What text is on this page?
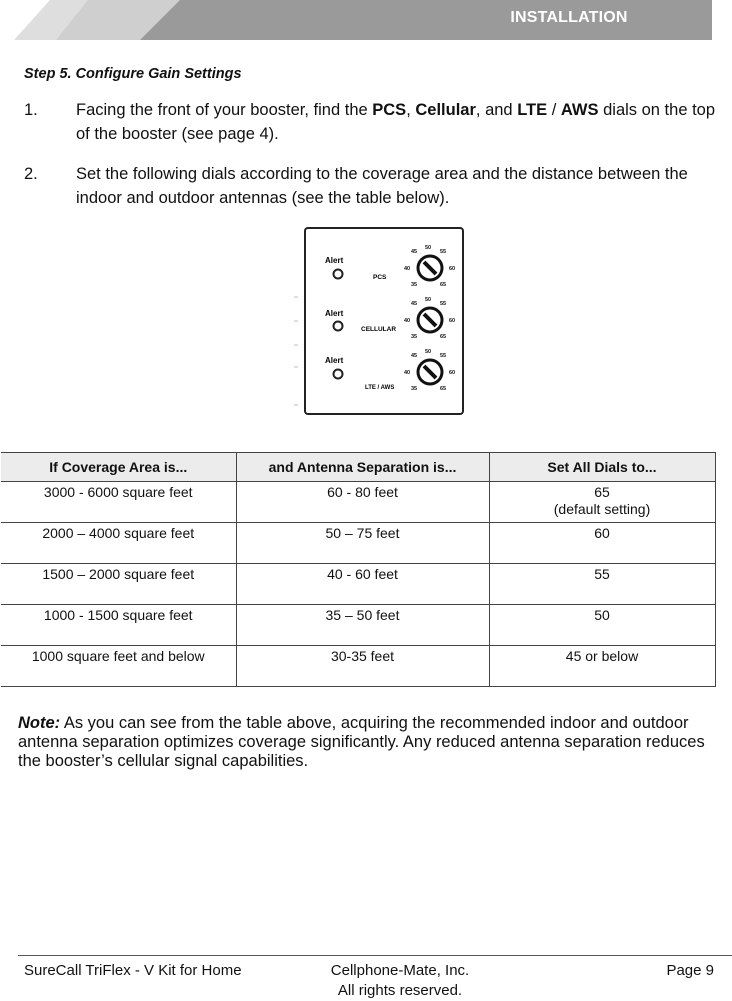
INSTALLATION
Step 5. Configure Gain Settings
1. Facing the front of your booster, find the PCS, Cellular, and LTE / AWS dials on the top of the booster (see page 4).
2. Set the following dials according to the coverage area and the distance between the indoor and outdoor antennas (see the table below).
Alert
PCS
50
45	55
40	60
35	65
Alert
CELLULAR
50
45	55
40	60
35	65
Alert
LTE / AWS
50
45	55
40	60
35	65
If Coverage Area is...	and Antenna Separation is...	Set All Dials to...
3000 - 6000 square feet	60 - 80 feet	65
(default setting)
2000 – 4000 square feet	50 – 75 feet	60
1500 – 2000 square feet	40 - 60 feet	55
1000 - 1500 square feet	35 – 50 feet	50
1000 square feet and below	30-35 feet	45 or below
Note: As you can see from the table above, acquiring the recommended indoor and outdoor antenna separation optimizes coverage significantly. Any reduced antenna separation reduces the booster’s cellular signal capabilities.
SureCall TriFlex - V Kit for Home	Cellphone-Mate, Inc.
All rights reserved.
Page 9
